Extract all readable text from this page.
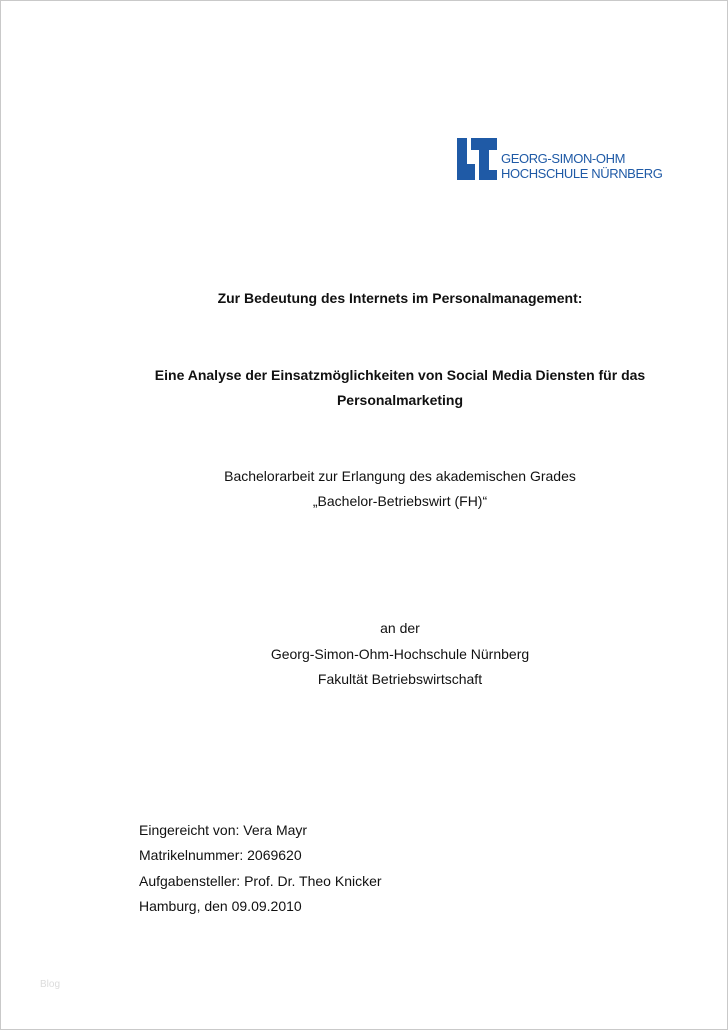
GEORG-SIMON-OHM
HOCHSCHULE NÜRNBERG
Zur Bedeutung des Internets im Personalmanagement:
Eine Analyse der Einsatzmöglichkeiten von Social Media Diensten für das
Personalmarketing
Bachelorarbeit zur Erlangung des akademischen Grades
„Bachelor-Betriebswirt (FH)“
an der
Georg-Simon-Ohm-Hochschule Nürnberg
Fakultät Betriebswirtschaft
Eingereicht von: Vera Mayr
Matrikelnummer: 2069620
Aufgabensteller: Prof. Dr. Theo Knicker
Hamburg, den 09.09.2010
Blog
